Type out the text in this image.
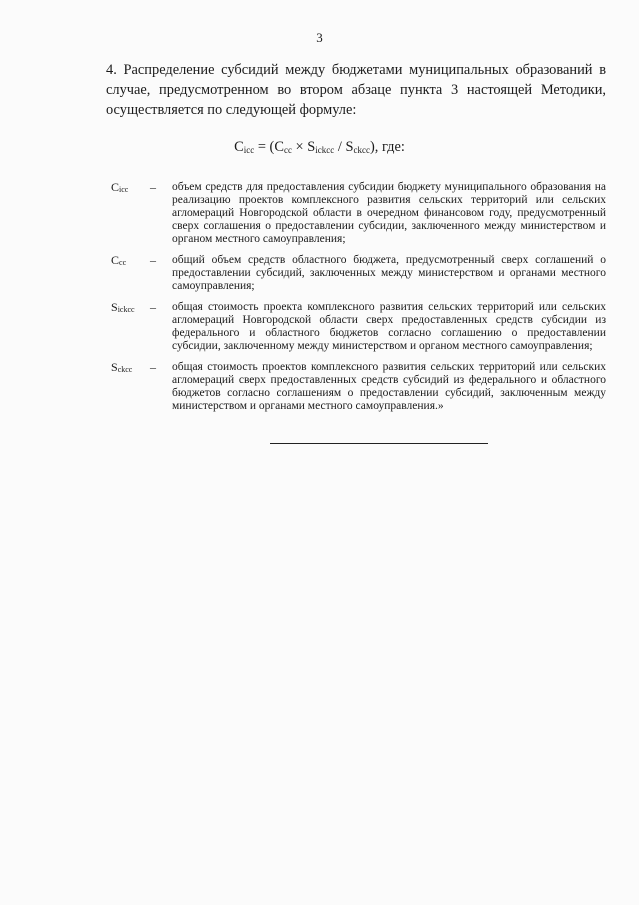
3

4. Распределение субсидий между бюджетами муниципальных образований в случае, предусмотренном во втором абзаце пункта 3 настоящей Методики, осуществляется по следующей формуле:

$C_{icc} = (C_{cc} \times S_{ickcc} / S_{ckcc})$, где:
$C_{icc}$ – объем средств для предоставления субсидии бюджету муниципального образования на реализацию проектов комплексного развития сельских территорий или сельских агломераций Новгородской области в очередном финансовом году, предусмотренный сверх соглашения о предоставлении субсидии, заключенного между министерством и органом местного самоуправления;
$C_{cc}$ – общий объем средств областного бюджета, предусмотренный сверх соглашений о предоставлении субсидий, заключенных между министерством и органами местного самоуправления;
$S_{ickcc}$ – общая стоимость проекта комплексного развития сельских территорий или сельских агломераций Новгородской области сверх предоставленных средств субсидии из федерального и областного бюджетов согласно соглашению о предоставлении субсидии, заключенному между министерством и органом местного самоуправления;
$S_{ckcc}$ – общая стоимость проектов комплексного развития сельских территорий или сельских агломераций сверх предоставленных средств субсидий из федерального и областного бюджетов согласно соглашениям о предоставлении субсидий, заключенным между министерством и органами местного самоуправления.»
